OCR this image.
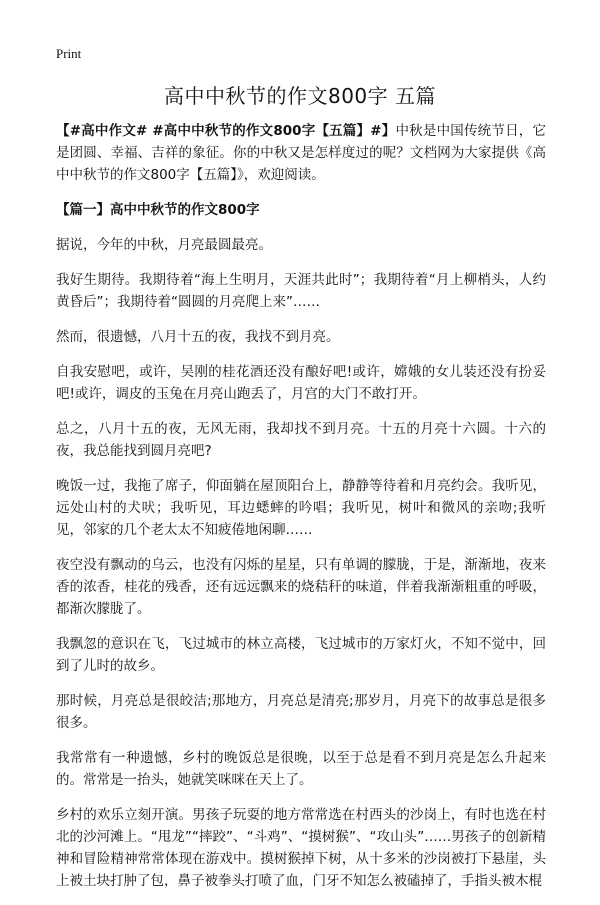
Print
高中中秋节的作文800字 五篇

【#高中作文# #高中中秋节的作文800字【五篇】#】中秋是中国传统节日，它是团圆、幸福、吉祥的象征。你的中秋又是怎样度过的呢？文档网为大家提供《高中中秋节的作文800字【五篇】》，欢迎阅读。

【篇一】高中中秋节的作文800字

据说，今年的中秋，月亮最圆最亮。

我好生期待。我期待着“海上生明月，天涯共此时”；我期待着“月上柳梢头，人约黄昏后”；我期待着“圆圆的月亮爬上来”……

然而，很遗憾，八月十五的夜，我找不到月亮。

自我安慰吧，或许，吴刚的桂花酒还没有酿好吧!或许，嫦娥的女儿装还没有扮妥吧!或许，调皮的玉兔在月亮山跑丢了，月宫的大门不敢打开。

总之，八月十五的夜，无风无雨，我却找不到月亮。十五的月亮十六圆。十六的夜，我总能找到圆月亮吧?

晚饭一过，我拖了席子，仰面躺在屋顶阳台上，静静等待着和月亮约会。我听见，远处山村的犬吠；我听见，耳边蟋蟀的吟唱；我听见，树叶和微风的亲吻;我听见，邻家的几个老太太不知疲倦地闲聊……

夜空没有飘动的乌云，也没有闪烁的星星，只有单调的朦胧，于是，渐渐地，夜来香的浓香，桂花的残香，还有远远飘来的烧秸秆的味道，伴着我渐渐粗重的呼吸，都渐次朦胧了。

我飘忽的意识在飞，飞过城市的林立高楼，飞过城市的万家灯火，不知不觉中，回到了儿时的故乡。

那时候，月亮总是很皎洁;那地方，月亮总是清亮;那岁月，月亮下的故事总是很多很多。

我常常有一种遗憾，乡村的晚饭总是很晚，以至于总是看不到月亮是怎么升起来的。常常是一抬头，她就笑咪咪在天上了。

乡村的欢乐立刻开演。男孩子玩耍的地方常常选在村西头的沙岗上，有时也选在村北的沙河滩上。“甩龙”“摔跤”、“斗鸡”、“摸树猴”、“攻山头”……男孩子的创新精神和冒险精神常常体现在游戏中。摸树猴掉下树，从十多米的沙岗被打下悬崖，头上被土块打肿了包，鼻子被拳头打喷了血，门牙不知怎么被磕掉了，手指头被木棍
